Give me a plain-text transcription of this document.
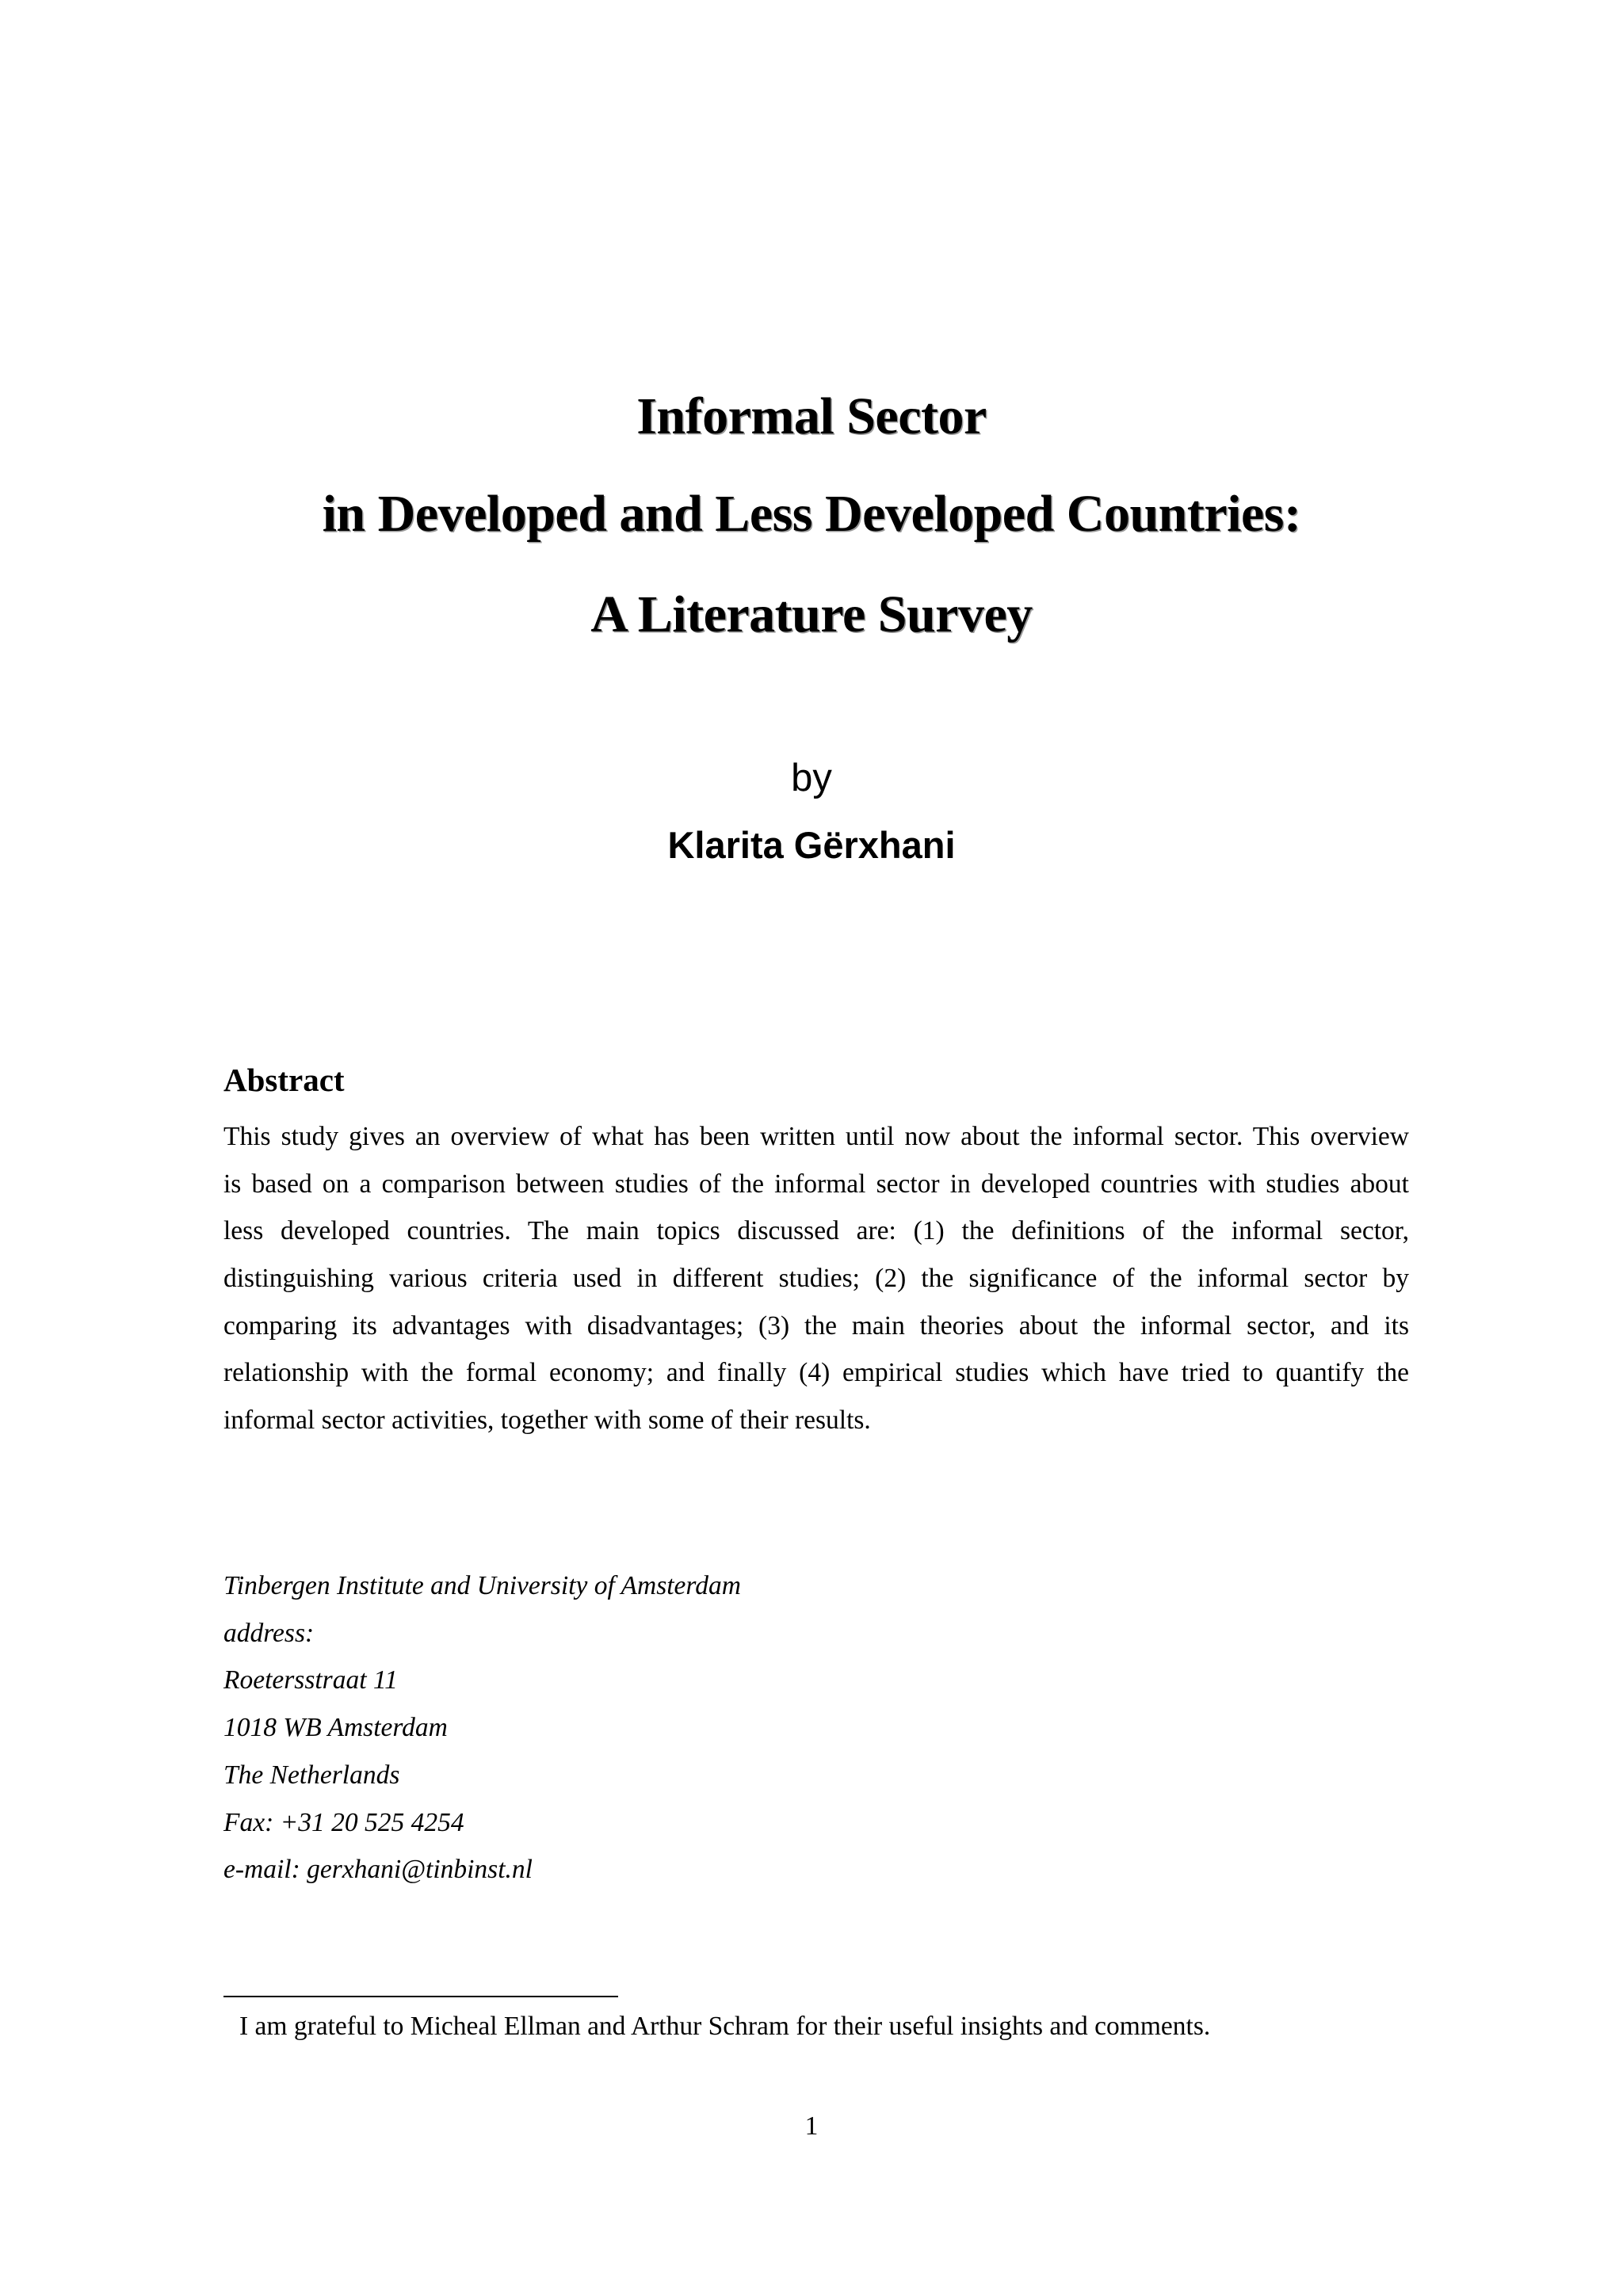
Informal Sector
in Developed and Less Developed Countries:
A Literature Survey
by
Klarita Gërxhani
Abstract
This study gives an overview of what has been written until now about the informal sector. This overview
is based on a comparison between studies of the informal sector in developed countries with studies about
less developed countries. The main topics discussed are: (1) the definitions of the informal sector,
distinguishing various criteria used in different studies; (2) the significance of the informal sector by
comparing its advantages with disadvantages; (3) the main theories about the informal sector, and its
relationship with the formal economy; and finally (4) empirical studies which have tried to quantify the
informal sector activities, together with some of their results.
Tinbergen Institute and University of Amsterdam
address:
Roetersstraat 11
1018 WB Amsterdam
The Netherlands
Fax: +31 20 525 4254
e-mail: gerxhani@tinbinst.nl
I am grateful to Micheal Ellman and Arthur Schram for their useful insights and comments.
1
